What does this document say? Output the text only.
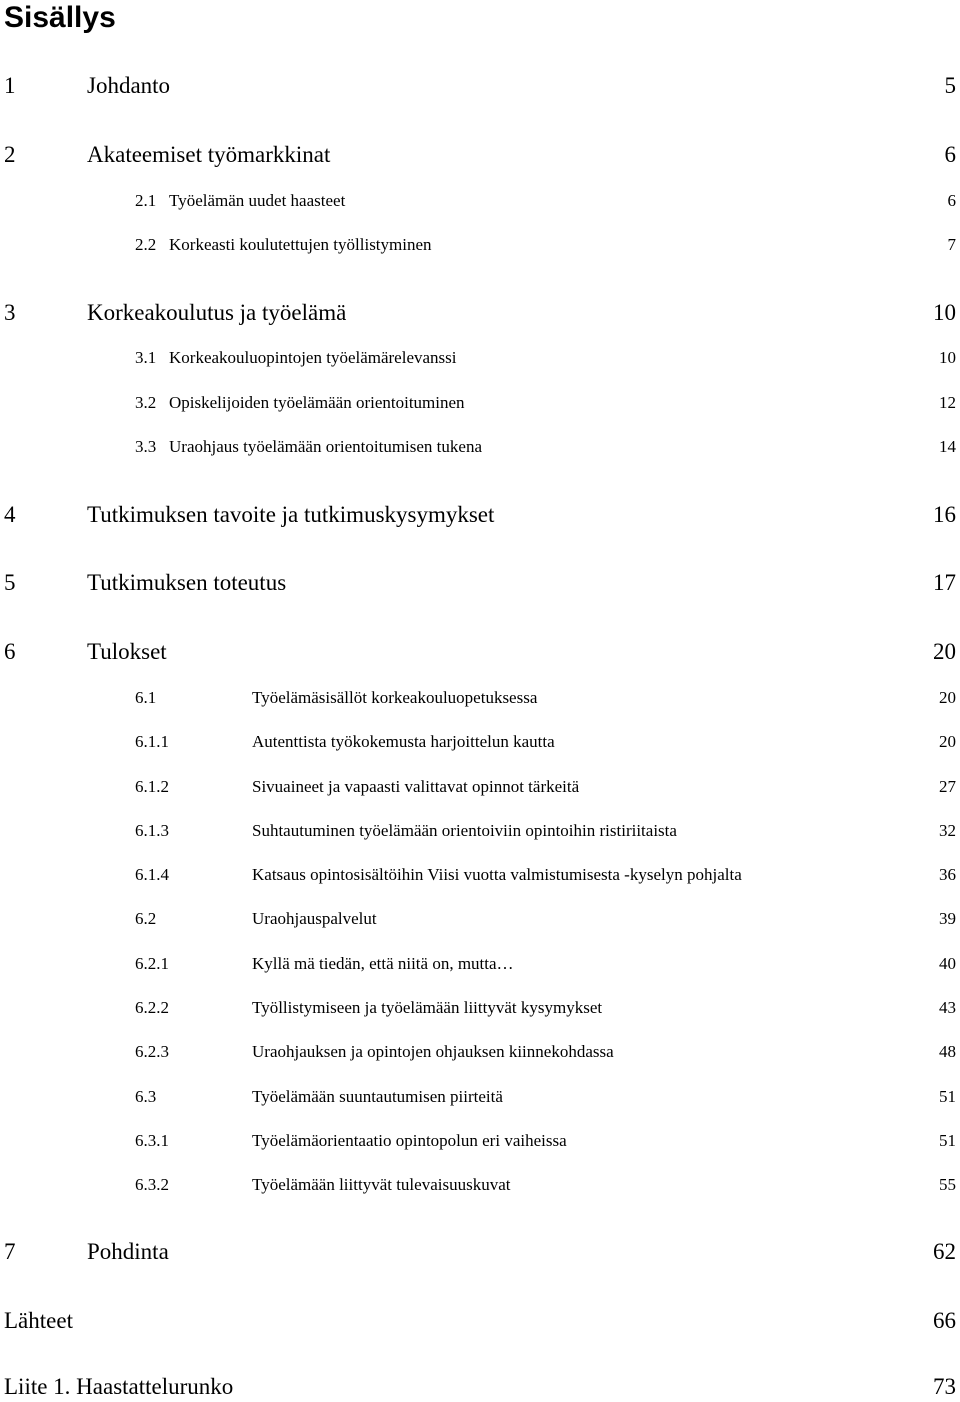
Sisällys
1	Johdanto	5
2	Akateemiset työmarkkinat	6
2.1 Työelämän uudet haasteet	6
2.2 Korkeasti koulutettujen työllistyminen	7
3	Korkeakoulutus ja työelämä	10
3.1 Korkeakouluopintojen työelämärelevanssi	10
3.2 Opiskelijoiden työelämään orientoituminen	12
3.3 Uraohjaus työelämään orientoitumisen tukena	14
4	Tutkimuksen tavoite ja tutkimuskysymykset	16
5	Tutkimuksen toteutus	17
6	Tulokset	20
6.1	Työelämäsisällöt korkeakouluopetuksessa	20
6.1.1	Autenttista työkokemusta harjoittelun kautta	20
6.1.2	Sivuaineet ja vapaasti valittavat opinnot tärkeitä	27
6.1.3	Suhtautuminen työelämään orientoiviin opintoihin ristiriitaista	32
6.1.4	Katsaus opintosisältöihin Viisi vuotta valmistumisesta -kyselyn pohjalta	36
6.2	Uraohjauspalvelut	39
6.2.1	Kyllä mä tiedän, että niitä on, mutta…	40
6.2.2	Työllistymiseen ja työelämään liittyvät kysymykset	43
6.2.3	Uraohjauksen ja opintojen ohjauksen kiinnekohdassa	48
6.3	Työelämään suuntautumisen piirteitä	51
6.3.1	Työelämäorientaatio opintopolun eri vaiheissa	51
6.3.2	Työelämään liittyvät tulevaisuuskuvat	55
7	Pohdinta	62
Lähteet	66
Liite 1. Haastattelurunko	73
